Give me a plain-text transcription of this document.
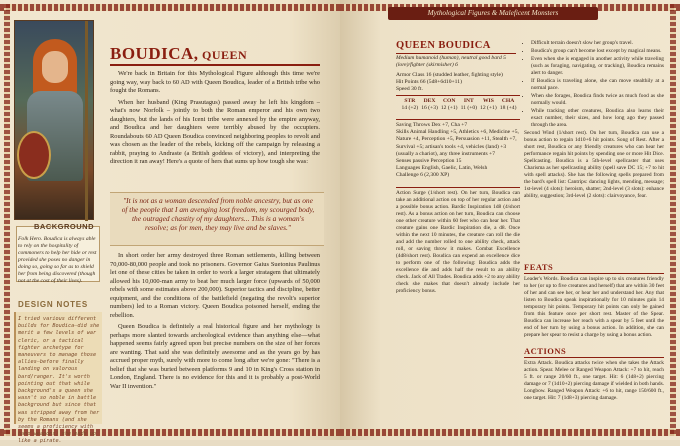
BOUDICA, QUEEN

We're back in Britain for this Mythological Figure although this time we're going way, way back to 60 AD with Queen Boudica, leader of a British tribe who fought the Romans.

When her husband (King Prasutagus) passed away he left his kingdom – what's now Norfolk – jointly to both the Roman emperor and his own two daughters, but the lands of his Iceni tribe were annexed by the empire anyway, and Boudica and her daughters were terribly abused by the occupiers. Roundabouts 60 AD Queen Boudica convinced neighboring peoples to revolt and was chosen as the leader of the rebels, kicking off the campaign by releasing a rabbit, praying to Andraste (a British goddess of victory), and interpreting the direction it ran away! Here's a quote of hers that sums up how tough she was:

"It is not as a woman descended from noble ancestry, but as one of the people that I am avenging lost freedom, my scourged body, the outraged chastity of my daughters... This is a woman's resolve; as for men, they may live and be slaves."

In short order her army destroyed three Roman settlements, killing between 70,000-80,000 people and took no prisoners. Governor Gaius Suetonius Paulinus let one of these cities be taken in order to work a larger stratagem that ultimately allowed his 10,000-man army to beat her much larger force (upwards of 50,000 rebels with some estimates above 200,000). Superior tactics and discipline, better equipment, and the conditions of the battlefield (negating the revolt's superior numbers) led to a Roman victory. Queen Boudica poisoned herself, ending the rebellion.

Queen Boudica is definitely a real historical figure and her mythology is perhaps more slanted towards archeological evidence than anything else—what happened seems fairly agreed upon but precise numbers on the size of her forces are wanting. That said she was definitely awesome and as the years go by has accrued proper myth, surely with more to come long after we're gone: "There is a belief that she was buried between platforms 9 and 10 in King's Cross station in London, England. There is no evidence for this and it is probably a post-World War II invention."

BACKGROUND
Folk Hero. Boudica is always able to rely on the hospitality of commoners to help her hide or rest provided she poses no danger in doing so, going so far as to shield her from being discovered (though not at the cost of their lives).
DESIGN NOTES
I tried various different builds for Boudica—did she merit a few levels of war cleric, or a tactical fighter archetype for maneuvers to manage those allies—before finally landing on valorous bard/ranger. It's worth pointing out that while background's a queen she wasn't so noble in battle background but since that was stripped away from her by the Romans (and she seems a proficiency with hand weapons) she ends up like a pirate.
Mythological Figures & Maleficent Monsters
QUEEN BOUDICA
Medium humanoid (human), neutral good bard 5 (lore)/fighter (skirmisher) 6
Armor Class 16 (studded leather, fighting style)
Hit Points 66 (5d8+6d10+11)
Speed 30 ft.
STR	DEX	CON	INT	WIS	CHA
14 (+2)	16 (+3)	12 (+1)	11 (+0)	12 (+1)	18 (+4)
Saving Throws Dex +7, Cha +7
Skills Animal Handling +5, Athletics +6, Medicine +5, Nature +4, Perception +5, Persuasion +11, Stealth +7, Survival +5; artisan's tools +4, vehicles (land) +3 (usually a chariot), any three instruments +7
Senses passive Perception 15
Languages English, Gaelic, Latin, Welsh
Challenge 6 (2,300 XP)
Action Surge (1/short rest). On her turn, Boudica can take an additional action on top of her regular action and a possible bonus action. Bardic Inspiration 1d8 (4/short rest). As a bonus action on her turn, Boudica can choose one other creature within 60 feet who can hear her. That creature gains one Bardic Inspiration die, a d8. Once within the next 10 minutes, the creature can roll the die and add the number rolled to one ability check, attack roll, or saving throw it makes. Combat Excellence (4d8/short rest). Boudica can expend an excellence dice to perform one of the following: Boudica adds the excellence die and adds half the result to an ability check. Jack of All Trades. Boudica adds +2 to any ability check she makes that doesn't already include her proficiency bonus.
• Difficult terrain doesn't slow her group's travel.
• Boudica's group can't become lost except by magical means.
• Even when she is engaged in another activity while traveling (such as foraging, navigating, or tracking), Boudica remains alert to danger.
• If Boudica is traveling alone, she can move stealthily at a normal pace.
• When she forages, Boudica finds twice as much food as she normally would.
• While tracking other creatures, Boudica also learns their exact number, their sizes, and how long ago they passed through the area.

Second Wind (1/short rest). On her turn, Boudica can use a bonus action to regain 1d10+6 hit points. Song of Rest. After a short rest, Boudica or any friendly creatures who can hear her performance regain hit points by spending one or more Hit Dice. Spellcasting. Boudica is a 5th-level spellcaster that uses Charisma as her spellcasting ability (spell save DC 15; +7 to hit with spell attacks). She has the following spells prepared from the bard's spell list: Cantrips: dancing lights, mending, message; 1st-level (4 slots): heroism, shatter; 2nd-level (3 slots): enhance ability, suggestion; 3rd-level (2 slots): clairvoyance, fear.

FEATS
Leader's Words. Boudica can inspire up to six creatures friendly to her (or up to five creatures and herself) that are within 30 feet of her and can see her, or hear her and understand her. Any that listen to Boudica speak inspirationally for 10 minutes gain 14 temporary hit points. Temporary hit points can only be gained from this feature once per short rest. Master of the Spear. Boudica can increase her reach with a spear by 5 feet until the end of her turn by using a bonus action. In addition, she can prepare her spear to resist a charge by using a bonus action.
ACTIONS
Extra Attack. Boudica attacks twice when she takes the Attack action. Spear. Melee or Ranged Weapon Attack: +7 to hit, reach 5 ft. or range 20/60 ft., one target. Hit: 6 (1d8+2) piercing damage or 7 (1d10+2) piercing damage if wielded in both hands. Longbow. Ranged Weapon Attack: +6 to hit, range 150/600 ft., one target. Hit: 7 (1d8+3) piercing damage.
